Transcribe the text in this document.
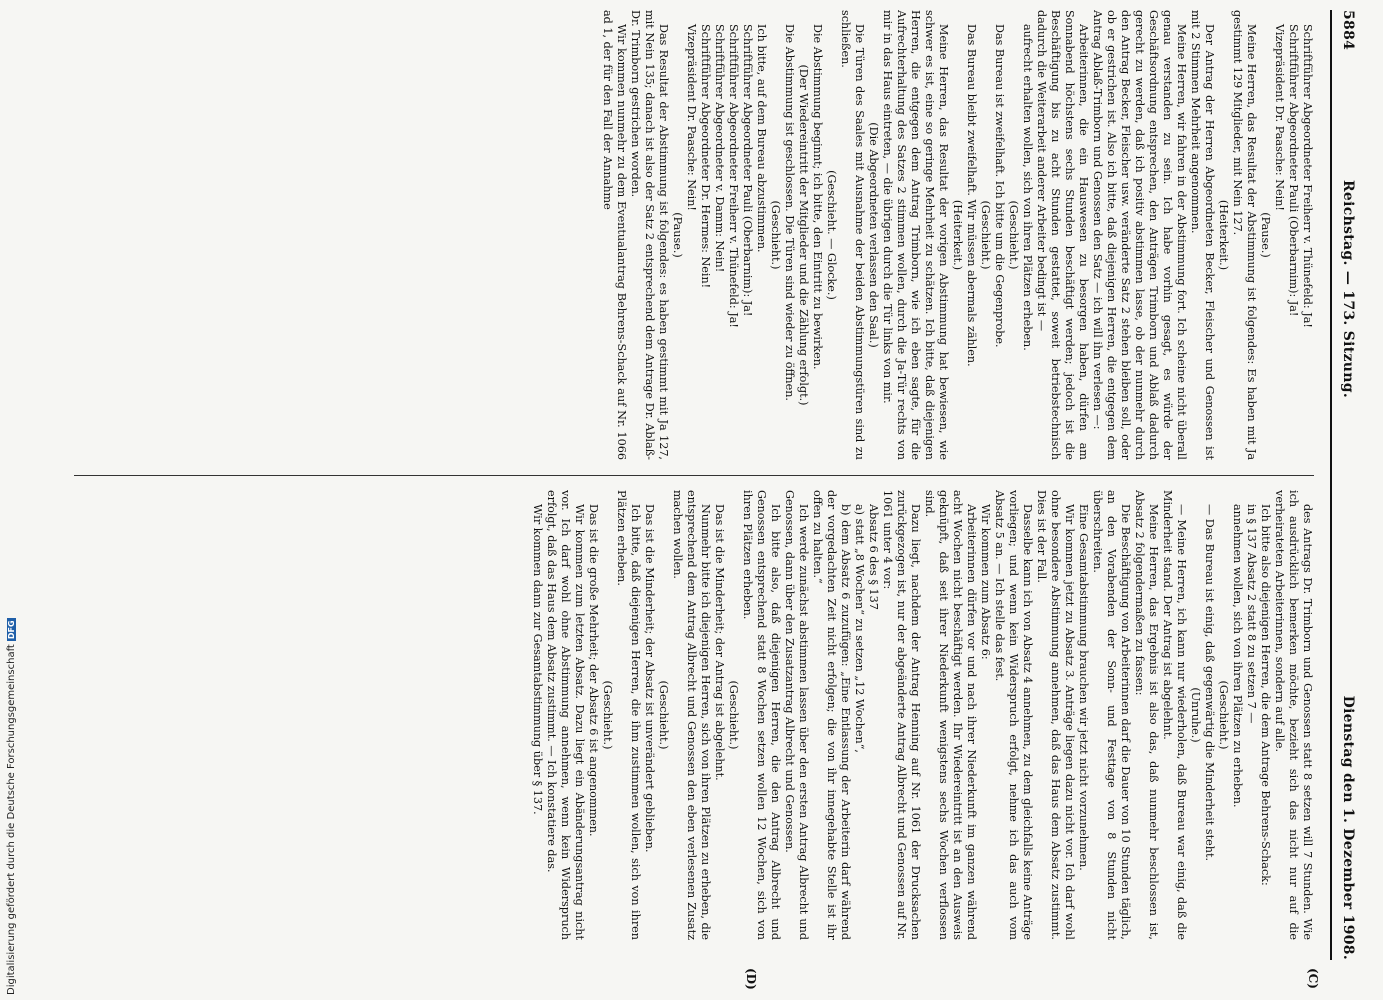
5884
Reichstag. — 173. Sitzung.
Dienstag den 1. Dezember 1908.
(C)
(D)

Schriftführer Abgeordneter Freiherr v. Thünefeld: Ja!

Schriftführer Abgeordneter Pauli (Oberbarnim): Ja!

Vizepräsident Dr. Paasche: Nein!

(Pause.)

Meine Herren, das Resultat der Abstimmung ist folgendes: Es haben mit Ja gestimmt 129 Mitglieder, mit Nein 127.

(Heiterkeit.)

Der Antrag der Herren Abgeordneten Becker, Fleischer und Genossen ist mit 2 Stimmen Mehrheit angenommen.

Meine Herren, wir fahren in der Abstimmung fort. Ich scheine nicht überall genau verstanden zu sein. Ich habe vorhin gesagt, es würde der Geschäftsordnung entsprechen, den Anträgen Trimborn und Ablaß dadurch gerecht zu werden, daß ich positiv abstimmen lasse, ob der nunmehr durch den Antrag Becker, Fleischer usw. veränderte Satz 2 stehen bleiben soll, oder ob er gestrichen ist. Also ich bitte, daß diejenigen Herren, die entgegen dem Antrag Ablaß-Trimborn und Genossen den Satz — ich will ihn verlesen —:

Arbeiterinnen, die ein Hauswesen zu besorgen haben, dürfen am Sonnabend höchstens sechs Stunden beschäftigt werden; jedoch ist die Beschäftigung bis zu acht Stunden gestattet, soweit betriebstechnisch dadurch die Weiterarbeit anderer Arbeiter bedingt ist —

aufrecht erhalten wollen, sich von ihren Plätzen erheben.

(Geschieht.)

Das Bureau ist zweifelhaft. Ich bitte um die Gegenprobe.

(Geschieht.)

Das Bureau bleibt zweifelhaft. Wir müssen abermals zählen.

(Heiterkeit.)

Meine Herren, das Resultat der vorigen Abstimmung hat bewiesen, wie schwer es ist, eine so geringe Mehrheit zu schätzen. Ich bitte, daß diejenigen Herren, die entgegen dem Antrag Trimborn, wie ich eben sagte, für die Aufrechterhaltung des Satzes 2 stimmen wollen, durch die Ja-Tür rechts von mir in das Haus eintreten, — die übrigen durch die Tür links von mir.

(Die Abgeordneten verlassen den Saal.)

Die Türen des Saales mit Ausnahme der beiden Abstimmungstüren sind zu schließen.

(Geschieht. — Glocke.)

Die Abstimmung beginnt; ich bitte, den Eintritt zu bewirken.

(Der Wiedereintritt der Mitglieder und die Zählung erfolgt.)

Die Abstimmung ist geschlossen. Die Türen sind wieder zu öffnen.

(Geschieht.)

Ich bitte, auf dem Bureau abzustimmen.

Schriftführer Abgeordneter Pauli (Oberbarnim): Ja!

Schriftführer Abgeordneter Freiherr v. Thünefeld: Ja!

Schriftführer Abgeordneter v. Damm: Nein!

Schriftführer Abgeordneter Dr. Hermes: Nein!

Vizepräsident Dr. Paasche: Nein!

(Pause.)

Das Resultat der Abstimmung ist folgendes: es haben gestimmt mit Ja 127, mit Nein 135; danach ist also der Satz 2 entsprechend dem Antrage Dr. Ablaß-Dr. Trimborn gestrichen worden.

Wir kommen nunmehr zu dem Eventualantrag Behrens-Schack auf Nr. 1066 ad 1, der für den Fall der Annahme

des Antrags Dr. Trimborn und Genossen statt 8 setzen will 7 Stunden. Wie ich ausdrücklich bemerken möchte, bezieht sich das nicht nur auf die verheirateten Arbeiterinnen, sondern auf alle.

Ich bitte also diejenigen Herren, die dem Antrage Behrens-Schack:

in § 137 Absatz 2 statt 8 zu setzen 7 —

annehmen wollen, sich von ihren Plätzen zu erheben.

(Geschieht.)

— Das Bureau ist einig, daß gegenwärtig die Minderheit steht.

(Unruhe.)

— Meine Herren, ich kann nur wiederholen, daß Bureau war einig, daß die Minderheit stand. Der Antrag ist abgelehnt.

Meine Herren, das Ergebnis ist also das, daß nunmehr beschlossen ist, Absatz 2 folgendermaßen zu fassen:

Die Beschäftigung von Arbeiterinnen darf die Dauer von 10 Stunden täglich, an den Vorabenden der Sonn- und Festtage von 8 Stunden nicht überschreiten.

Eine Gesamtabstimmung brauchen wir jetzt nicht vorzunehmen.

Wir kommen jetzt zu Absatz 3. Anträge liegen dazu nicht vor. Ich darf wohl ohne besondere Abstimmung annehmen, daß das Haus dem Absatz zustimmt. Dies ist der Fall.

Dasselbe kann ich von Absatz 4 annehmen, zu dem gleichfalls keine Anträge vorliegen; und wenn kein Widerspruch erfolgt, nehme ich das auch vom Absatz 5 an. — Ich stelle das fest.

Wir kommen zum Absatz 6:

Arbeiterinnen dürfen vor und nach ihrer Niederkunft im ganzen während acht Wochen nicht beschäftigt werden. Ihr Wiedereintritt ist an den Ausweis geknüpft, daß seit ihrer Niederkunft wenigstens sechs Wochen verflossen sind.

Dazu liegt, nachdem der Antrag Henning auf Nr. 1061 der Drucksachen zurückgezogen ist, nur der abgeänderte Antrag Albrecht und Genossen auf Nr. 1061 unter 4 vor:

Absatz 6 des § 137

a) statt „8 Wochen“ zu setzen „12 Wochen“,

b) dem Absatz 6 zuzufügen: „Eine Entlassung der Arbeiterin darf während der vorgedachten Zeit nicht erfolgen; die von ihr innegehabte Stelle ist ihr offen zu halten.“

Ich werde zunächst abstimmen lassen über den ersten Antrag Albrecht und Genossen, dann über den Zusatzantrag Albrecht und Genossen.

Ich bitte also, daß diejenigen Herren, die den Antrag Albrecht und Genossen entsprechend statt 8 Wochen setzen wollen 12 Wochen, sich von ihren Plätzen erheben.

(Geschieht.)

Das ist die Minderheit; der Antrag ist abgelehnt.

Nunmehr bitte ich diejenigen Herren, sich von ihren Plätzen zu erheben, die entsprechend dem Antrag Albrecht und Genossen den eben verlesenen Zusatz machen wollen.

(Geschieht.)

Das ist die Minderheit; der Absatz ist unverändert geblieben.

Ich bitte, daß diejenigen Herren, die ihm zustimmen wollen, sich von ihren Plätzen erheben.

(Geschieht.)

Das ist die große Mehrheit; der Absatz 6 ist angenommen.

Wir kommen zum letzten Absatz. Dazu liegt ein Abänderungsantrag nicht vor. Ich darf wohl ohne Abstimmung annehmen, wenn kein Widerspruch erfolgt, daß das Haus dem Absatz zustimmt. — Ich konstatiere das.

Wir kommen dann zur Gesamtabstimmung über § 137.

Digitalisierung gefördert durch die Deutsche ForschungsgemeinschaftDFG
